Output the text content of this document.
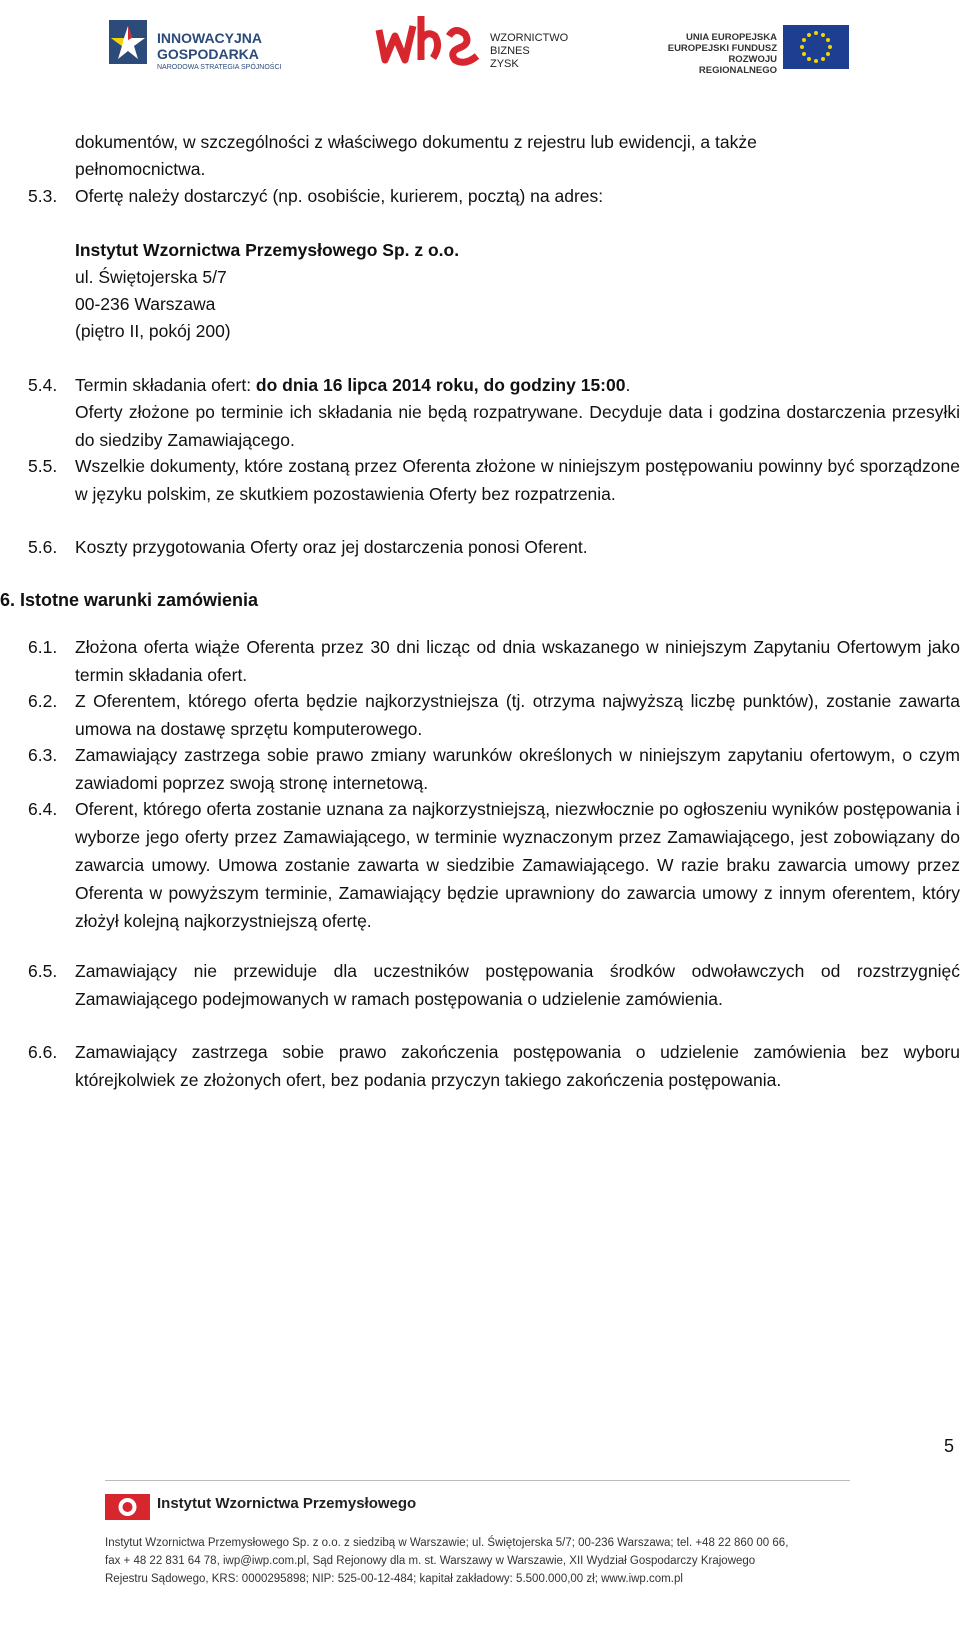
INNOWACYJNA
GOSPODARKA
NARODOWA STRATEGIA SPÓJNOŚCI
WZORNICTWO
BIZNES
ZYSK
UNIA EUROPEJSKA
EUROPEJSKI FUNDUSZ
ROZWOJU REGIONALNEGO
dokumentów, w szczególności z właściwego dokumentu z rejestru lub ewidencji, a także
pełnomocnictwa.
5.3. Ofertę należy dostarczyć (np. osobiście, kurierem, pocztą) na adres:
Instytut Wzornictwa Przemysłowego Sp. z o.o.
ul. Świętojerska 5/7
00-236 Warszawa
(piętro II, pokój 200)
5.4. Termin składania ofert: do dnia 16 lipca 2014 roku, do godziny 15:00.
Oferty złożone po terminie ich składania nie będą rozpatrywane. Decyduje data i godzina dostarczenia przesyłki do siedziby Zamawiającego.
5.5. Wszelkie dokumenty, które zostaną przez Oferenta złożone w niniejszym postępowaniu powinny być sporządzone w języku polskim, ze skutkiem pozostawienia Oferty bez rozpatrzenia.
5.6. Koszty przygotowania Oferty oraz jej dostarczenia ponosi Oferent.
6. Istotne warunki zamówienia
6.1. Złożona oferta wiąże Oferenta przez 30 dni licząc od dnia wskazanego w niniejszym Zapytaniu Ofertowym jako termin składania ofert.
6.2. Z Oferentem, którego oferta będzie najkorzystniejsza (tj. otrzyma najwyższą liczbę punktów), zostanie zawarta umowa na dostawę sprzętu komputerowego.
6.3. Zamawiający zastrzega sobie prawo zmiany warunków określonych w niniejszym zapytaniu ofertowym, o czym zawiadomi poprzez swoją stronę internetową.
6.4. Oferent, którego oferta zostanie uznana za najkorzystniejszą, niezwłocznie po ogłoszeniu wyników postępowania i wyborze jego oferty przez Zamawiającego, w terminie wyznaczonym przez Zamawiającego, jest zobowiązany do zawarcia umowy. Umowa zostanie zawarta w siedzibie Zamawiającego. W razie braku zawarcia umowy przez Oferenta w powyższym terminie, Zamawiający będzie uprawniony do zawarcia umowy z innym oferentem, który złożył kolejną najkorzystniejszą ofertę.
6.5. Zamawiający nie przewiduje dla uczestników postępowania środków odwoławczych od rozstrzygnięć Zamawiającego podejmowanych w ramach postępowania o udzielenie zamówienia.
6.6. Zamawiający zastrzega sobie prawo zakończenia postępowania o udzielenie zamówienia bez wyboru którejkolwiek ze złożonych ofert, bez podania przyczyn takiego zakończenia postępowania.
5
Instytut Wzornictwa Przemysłowego
Instytut Wzornictwa Przemysłowego Sp. z o.o. z siedzibą w Warszawie; ul. Świętojerska 5/7; 00-236 Warszawa; tel. +48 22 860 00 66,
fax + 48 22 831 64 78, iwp@iwp.com.pl, Sąd Rejonowy dla m. st. Warszawy w Warszawie, XII Wydział Gospodarczy Krajowego
Rejestru Sądowego, KRS: 0000295898; NIP: 525-00-12-484; kapitał zakładowy: 5.500.000,00 zł; www.iwp.com.pl
